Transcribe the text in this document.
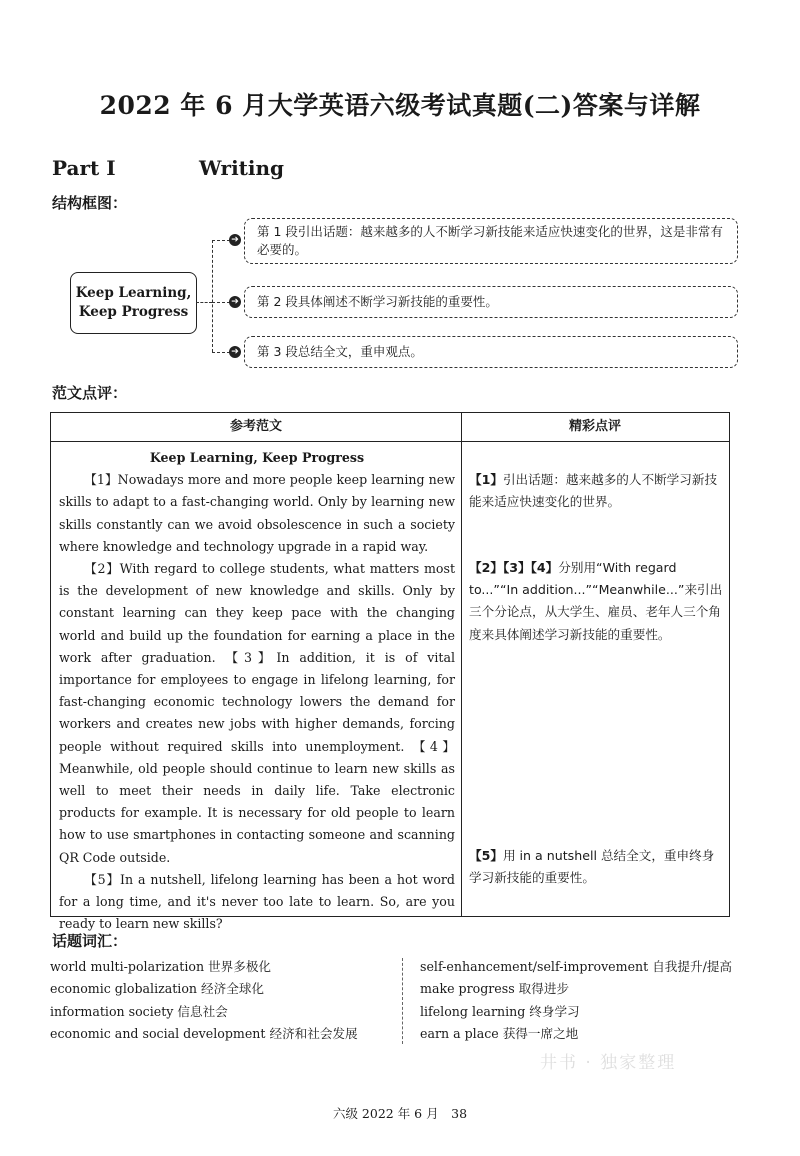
2022 年 6 月大学英语六级考试真题(二)答案与详解
Part Ⅰ	Writing
结构框图：
Keep Learning,
Keep Progress
➔
➔
➔
第 1 段引出话题：越来越多的人不断学习新技能来适应快速变化的世界，这是非常有必要的。
第 2 段具体阐述不断学习新技能的重要性。
第 3 段总结全文，重申观点。
范文点评：
参考范文	精彩点评
Keep Learning, Keep Progress

【1】Nowadays more and more people keep learning new skills to adapt to a fast-changing world. Only by learning new skills constantly can we avoid obsolescence in such a society where knowledge and technology upgrade in a rapid way.

【2】With regard to college students, what matters most is the development of new knowledge and skills. Only by constant learning can they keep pace with the changing world and build up the foundation for earning a place in the work after graduation. 【3】In addition, it is of vital importance for employees to engage in lifelong learning, for fast-changing economic technology lowers the demand for workers and creates new jobs with higher demands, forcing people without required skills into unemployment. 【4】Meanwhile, old people should continue to learn new skills as well to meet their needs in daily life. Take electronic products for example. It is necessary for old people to learn how to use smartphones in contacting someone and scanning QR Code outside.

【5】In a nutshell, lifelong learning has been a hot word for a long time, and it's never too late to learn. So, are you ready to learn new skills?

【1】引出话题：越来越多的人不断学习新技能来适应快速变化的世界。
【2】【3】【4】分别用“With regard to...”“In addition...”“Meanwhile...”来引出三个分论点，从大学生、雇员、老年人三个角度来具体阐述学习新技能的重要性。
【5】用 in a nutshell 总结全文，重申终身学习新技能的重要性。
话题词汇：
world multi-polarization 世界多极化
economic globalization 经济全球化
information society 信息社会
economic and social development 经济和社会发展
self-enhancement/self-improvement 自我提升/提高
make progress 取得进步
lifelong learning 终身学习
earn a place 获得一席之地
井书 · 独家整理
六级 2022 年 6 月　38
